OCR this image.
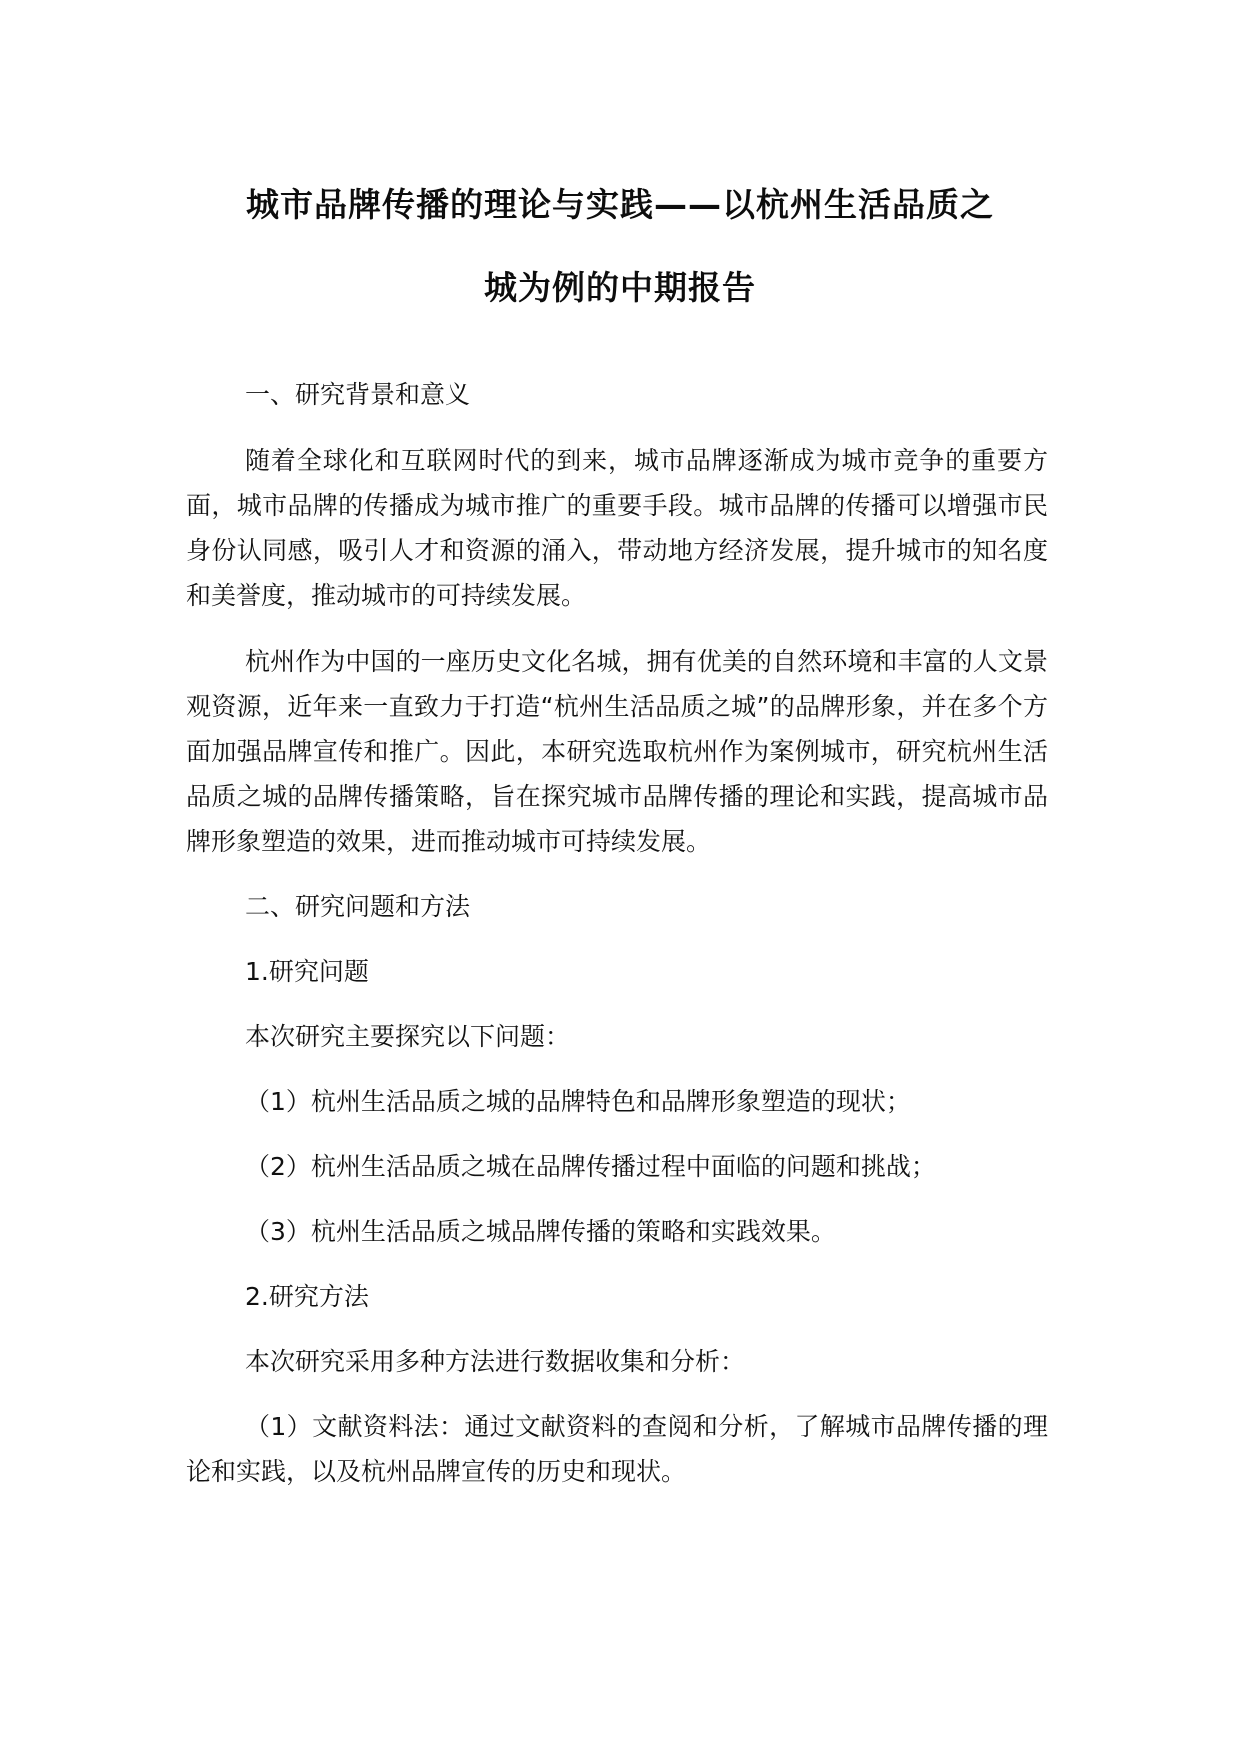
城市品牌传播的理论与实践——以杭州生活品质之
城为例的中期报告

一、研究背景和意义

随着全球化和互联网时代的到来，城市品牌逐渐成为城市竞争的重要方面，城市品牌的传播成为城市推广的重要手段。城市品牌的传播可以增强市民身份认同感，吸引人才和资源的涌入，带动地方经济发展，提升城市的知名度和美誉度，推动城市的可持续发展。

杭州作为中国的一座历史文化名城，拥有优美的自然环境和丰富的人文景观资源，近年来一直致力于打造“杭州生活品质之城”的品牌形象，并在多个方面加强品牌宣传和推广。因此，本研究选取杭州作为案例城市，研究杭州生活品质之城的品牌传播策略，旨在探究城市品牌传播的理论和实践，提高城市品牌形象塑造的效果，进而推动城市可持续发展。

二、研究问题和方法

1.研究问题

本次研究主要探究以下问题：

（1）杭州生活品质之城的品牌特色和品牌形象塑造的现状；

（2）杭州生活品质之城在品牌传播过程中面临的问题和挑战；

（3）杭州生活品质之城品牌传播的策略和实践效果。

2.研究方法

本次研究采用多种方法进行数据收集和分析：

（1）文献资料法：通过文献资料的查阅和分析，了解城市品牌传播的理论和实践，以及杭州品牌宣传的历史和现状。
